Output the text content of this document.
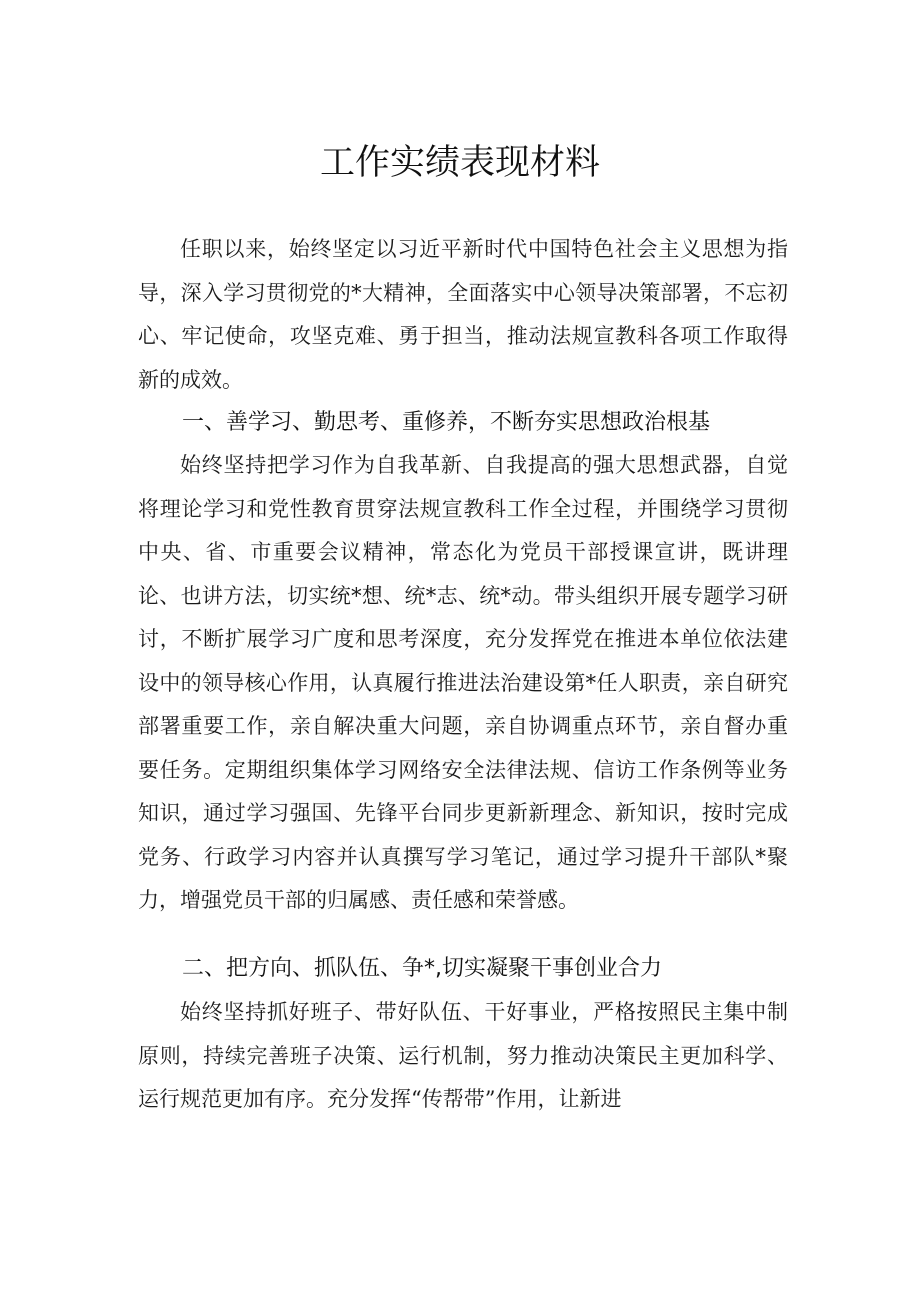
工作实绩表现材料

任职以来，始终坚定以习近平新时代中国特色社会主义思想为指导，深入学习贯彻党的*大精神，全面落实中心领导决策部署，不忘初心、牢记使命，攻坚克难、勇于担当，推动法规宣教科各项工作取得新的成效。

一、善学习、勤思考、重修养，不断夯实思想政治根基

始终坚持把学习作为自我革新、自我提高的强大思想武器，自觉将理论学习和党性教育贯穿法规宣教科工作全过程，并围绕学习贯彻中央、省、市重要会议精神，常态化为党员干部授课宣讲，既讲理论、也讲方法，切实统*想、统*志、统*动。带头组织开展专题学习研讨，不断扩展学习广度和思考深度，充分发挥党在推进本单位依法建设中的领导核心作用，认真履行推进法治建设第*任人职责，亲自研究部署重要工作，亲自解决重大问题，亲自协调重点环节，亲自督办重要任务。定期组织集体学习网络安全法律法规、信访工作条例等业务知识，通过学习强国、先锋平台同步更新新理念、新知识，按时完成党务、行政学习内容并认真撰写学习笔记，通过学习提升干部队*聚力，增强党员干部的归属感、责任感和荣誉感。

二、把方向、抓队伍、争*,切实凝聚干事创业合力

始终坚持抓好班子、带好队伍、干好事业，严格按照民主集中制原则，持续完善班子决策、运行机制，努力推动决策民主更加科学、运行规范更加有序。充分发挥“传帮带”作用，让新进
